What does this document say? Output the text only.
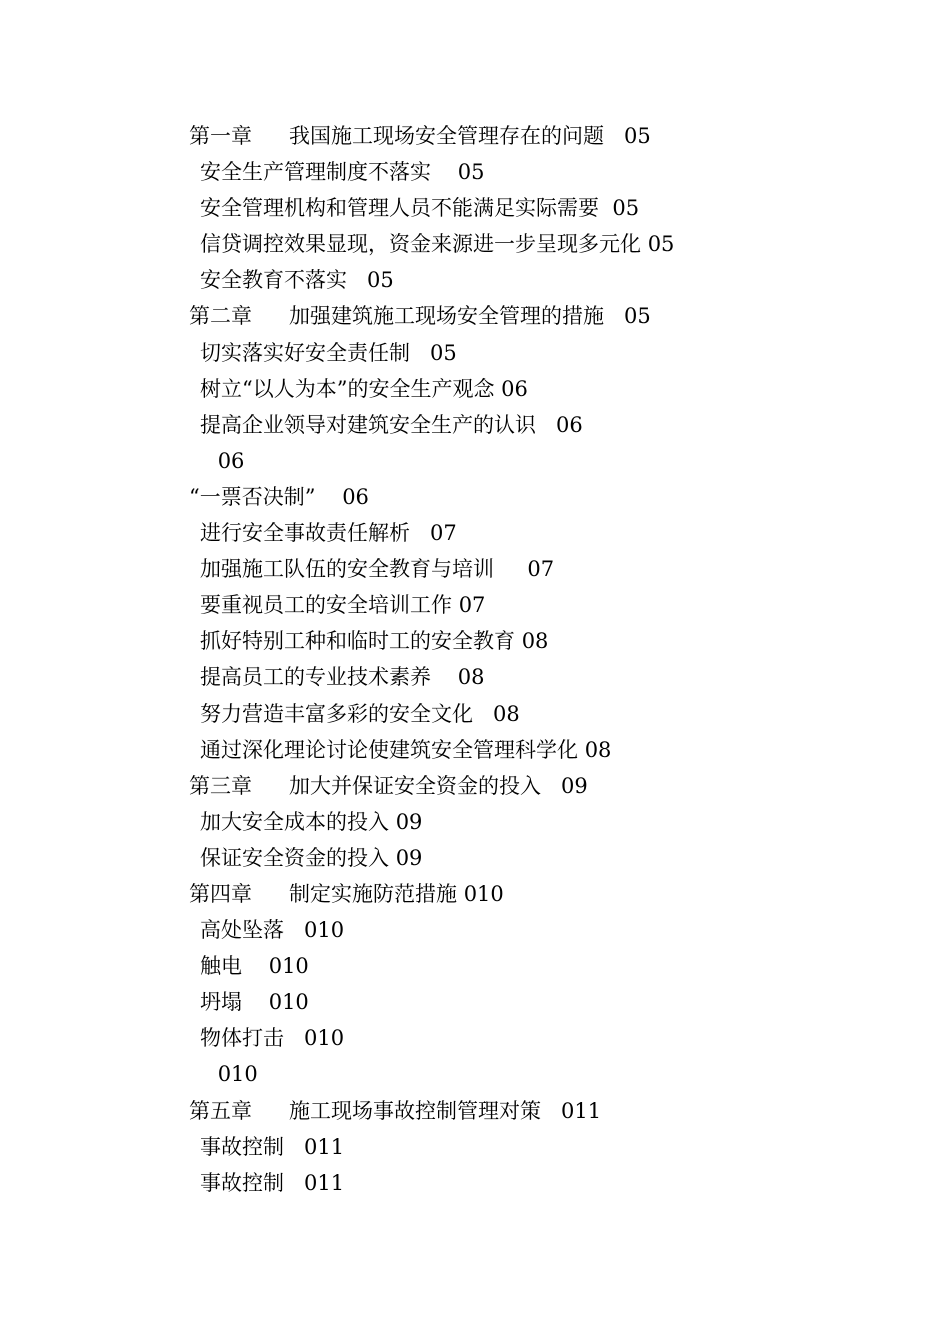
第一章 我国施工现场安全管理存在的问题 05
安全生产管理制度不落实 05
安全管理机构和管理人员不能满足实际需要 05
信贷调控效果显现，资金来源进一步呈现多元化 05
安全教育不落实 05
第二章 加强建筑施工现场安全管理的措施 05
切实落实好安全责任制 05
树立“以人为本”的安全生产观念 06
提高企业领导对建筑安全生产的认识 06
06
“一票否决制” 06
进行安全事故责任解析 07
加强施工队伍的安全教育与培训 07
要重视员工的安全培训工作 07
抓好特别工种和临时工的安全教育 08
提高员工的专业技术素养 08
努力营造丰富多彩的安全文化 08
通过深化理论讨论使建筑安全管理科学化 08
第三章 加大并保证安全资金的投入 09
加大安全成本的投入 09
保证安全资金的投入 09
第四章 制定实施防范措施 010
高处坠落 010
触电 010
坍塌 010
物体打击 010
010
第五章 施工现场事故控制管理对策 011
事故控制 011
事故控制 011
